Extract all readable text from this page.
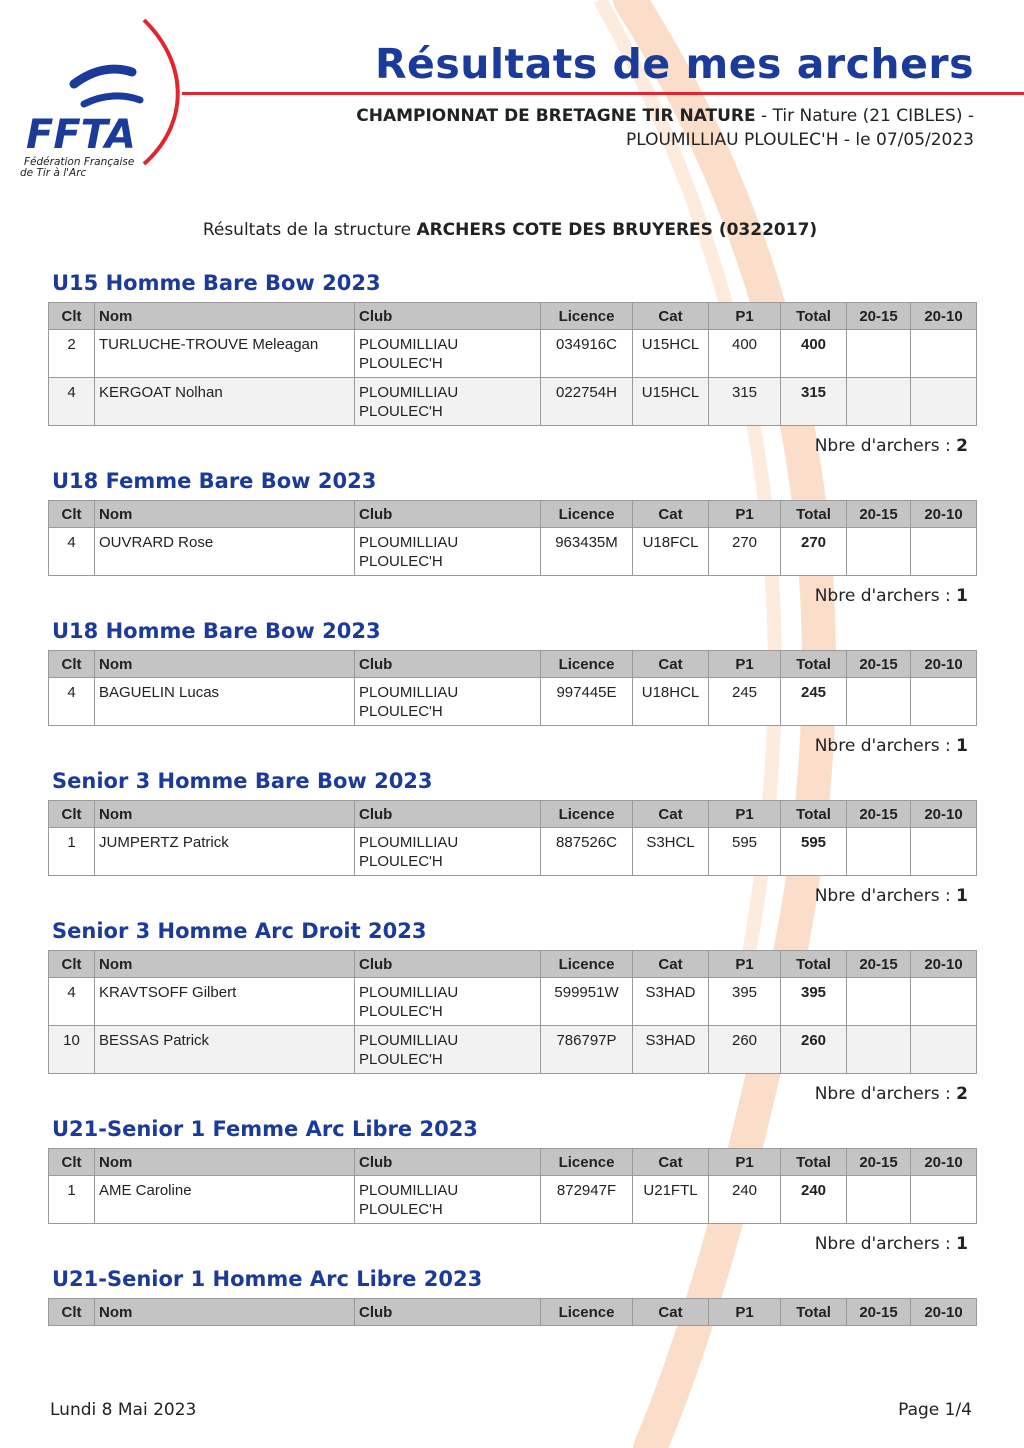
FFTA
Fédération Française
de Tir à l'Arc
Résultats de mes archers
CHAMPIONNAT DE BRETAGNE TIR NATURE - Tir Nature (21 CIBLES) -
PLOUMILLIAU PLOULEC'H - le 07/05/2023
Résultats de la structure ARCHERS COTE DES BRUYERES (0322017)
U15 Homme Bare Bow 2023
Clt	Nom	Club	Licence	Cat	P1	Total	20-15	20-10
2	TURLUCHE-TROUVE Meleagan	PLOUMILLIAU
PLOULEC'H	034916C	U15HCL	400	400		
4	KERGOAT Nolhan	PLOUMILLIAU
PLOULEC'H	022754H	U15HCL	315	315		
Nbre d'archers : 2
U18 Femme Bare Bow 2023
Clt	Nom	Club	Licence	Cat	P1	Total	20-15	20-10
4	OUVRARD Rose	PLOUMILLIAU
PLOULEC'H	963435M	U18FCL	270	270		
Nbre d'archers : 1
U18 Homme Bare Bow 2023
Clt	Nom	Club	Licence	Cat	P1	Total	20-15	20-10
4	BAGUELIN Lucas	PLOUMILLIAU
PLOULEC'H	997445E	U18HCL	245	245		
Nbre d'archers : 1
Senior 3 Homme Bare Bow 2023
Clt	Nom	Club	Licence	Cat	P1	Total	20-15	20-10
1	JUMPERTZ Patrick	PLOUMILLIAU
PLOULEC'H	887526C	S3HCL	595	595		
Nbre d'archers : 1
Senior 3 Homme Arc Droit 2023
Clt	Nom	Club	Licence	Cat	P1	Total	20-15	20-10
4	KRAVTSOFF Gilbert	PLOUMILLIAU
PLOULEC'H	599951W	S3HAD	395	395		
10	BESSAS Patrick	PLOUMILLIAU
PLOULEC'H	786797P	S3HAD	260	260		
Nbre d'archers : 2
U21-Senior 1 Femme Arc Libre 2023
Clt	Nom	Club	Licence	Cat	P1	Total	20-15	20-10
1	AME Caroline	PLOUMILLIAU
PLOULEC'H	872947F	U21FTL	240	240		
Nbre d'archers : 1
U21-Senior 1 Homme Arc Libre 2023
Clt	Nom	Club	Licence	Cat	P1	Total	20-15	20-10
Lundi 8 Mai 2023	Page 1/4
